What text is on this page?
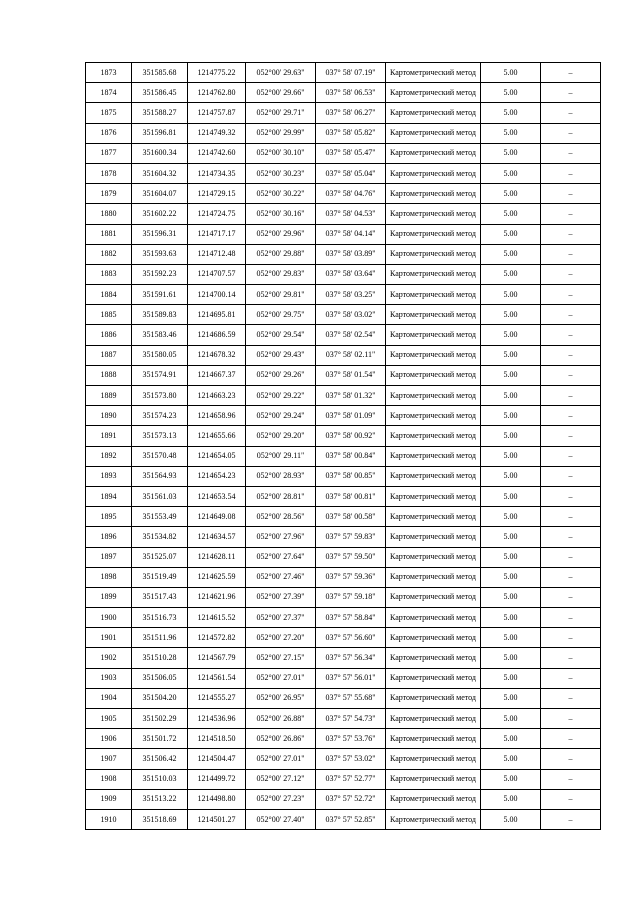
1873	351585.68	1214775.22	052°00' 29.63"	037° 58' 07.19"	Картометрический метод	5.00	–
1874	351586.45	1214762.80	052°00' 29.66"	037° 58' 06.53"	Картометрический метод	5.00	–
1875	351588.27	1214757.87	052°00' 29.71"	037° 58' 06.27"	Картометрический метод	5.00	–
1876	351596.81	1214749.32	052°00' 29.99"	037° 58' 05.82"	Картометрический метод	5.00	–
1877	351600.34	1214742.60	052°00' 30.10"	037° 58' 05.47"	Картометрический метод	5.00	–
1878	351604.32	1214734.35	052°00' 30.23"	037° 58' 05.04"	Картометрический метод	5.00	–
1879	351604.07	1214729.15	052°00' 30.22"	037° 58' 04.76"	Картометрический метод	5.00	–
1880	351602.22	1214724.75	052°00' 30.16"	037° 58' 04.53"	Картометрический метод	5.00	–
1881	351596.31	1214717.17	052°00' 29.96"	037° 58' 04.14"	Картометрический метод	5.00	–
1882	351593.63	1214712.48	052°00' 29.88"	037° 58' 03.89"	Картометрический метод	5.00	–
1883	351592.23	1214707.57	052°00' 29.83"	037° 58' 03.64"	Картометрический метод	5.00	–
1884	351591.61	1214700.14	052°00' 29.81"	037° 58' 03.25"	Картометрический метод	5.00	–
1885	351589.83	1214695.81	052°00' 29.75"	037° 58' 03.02"	Картометрический метод	5.00	–
1886	351583.46	1214686.59	052°00' 29.54"	037° 58' 02.54"	Картометрический метод	5.00	–
1887	351580.05	1214678.32	052°00' 29.43"	037° 58' 02.11"	Картометрический метод	5.00	–
1888	351574.91	1214667.37	052°00' 29.26"	037° 58' 01.54"	Картометрический метод	5.00	–
1889	351573.80	1214663.23	052°00' 29.22"	037° 58' 01.32"	Картометрический метод	5.00	–
1890	351574.23	1214658.96	052°00' 29.24"	037° 58' 01.09"	Картометрический метод	5.00	–
1891	351573.13	1214655.66	052°00' 29.20"	037° 58' 00.92"	Картометрический метод	5.00	–
1892	351570.48	1214654.05	052°00' 29.11"	037° 58' 00.84"	Картометрический метод	5.00	–
1893	351564.93	1214654.23	052°00' 28.93"	037° 58' 00.85"	Картометрический метод	5.00	–
1894	351561.03	1214653.54	052°00' 28.81"	037° 58' 00.81"	Картометрический метод	5.00	–
1895	351553.49	1214649.08	052°00' 28.56"	037° 58' 00.58"	Картометрический метод	5.00	–
1896	351534.82	1214634.57	052°00' 27.96"	037° 57' 59.83"	Картометрический метод	5.00	–
1897	351525.07	1214628.11	052°00' 27.64"	037° 57' 59.50"	Картометрический метод	5.00	–
1898	351519.49	1214625.59	052°00' 27.46"	037° 57' 59.36"	Картометрический метод	5.00	–
1899	351517.43	1214621.96	052°00' 27.39"	037° 57' 59.18"	Картометрический метод	5.00	–
1900	351516.73	1214615.52	052°00' 27.37"	037° 57' 58.84"	Картометрический метод	5.00	–
1901	351511.96	1214572.82	052°00' 27.20"	037° 57' 56.60"	Картометрический метод	5.00	–
1902	351510.28	1214567.79	052°00' 27.15"	037° 57' 56.34"	Картометрический метод	5.00	–
1903	351506.05	1214561.54	052°00' 27.01"	037° 57' 56.01"	Картометрический метод	5.00	–
1904	351504.20	1214555.27	052°00' 26.95"	037° 57' 55.68"	Картометрический метод	5.00	–
1905	351502.29	1214536.96	052°00' 26.88"	037° 57' 54.73"	Картометрический метод	5.00	–
1906	351501.72	1214518.50	052°00' 26.86"	037° 57' 53.76"	Картометрический метод	5.00	–
1907	351506.42	1214504.47	052°00' 27.01"	037° 57' 53.02"	Картометрический метод	5.00	–
1908	351510.03	1214499.72	052°00' 27.12"	037° 57' 52.77"	Картометрический метод	5.00	–
1909	351513.22	1214498.80	052°00' 27.23"	037° 57' 52.72"	Картометрический метод	5.00	–
1910	351518.69	1214501.27	052°00' 27.40"	037° 57' 52.85"	Картометрический метод	5.00	–
